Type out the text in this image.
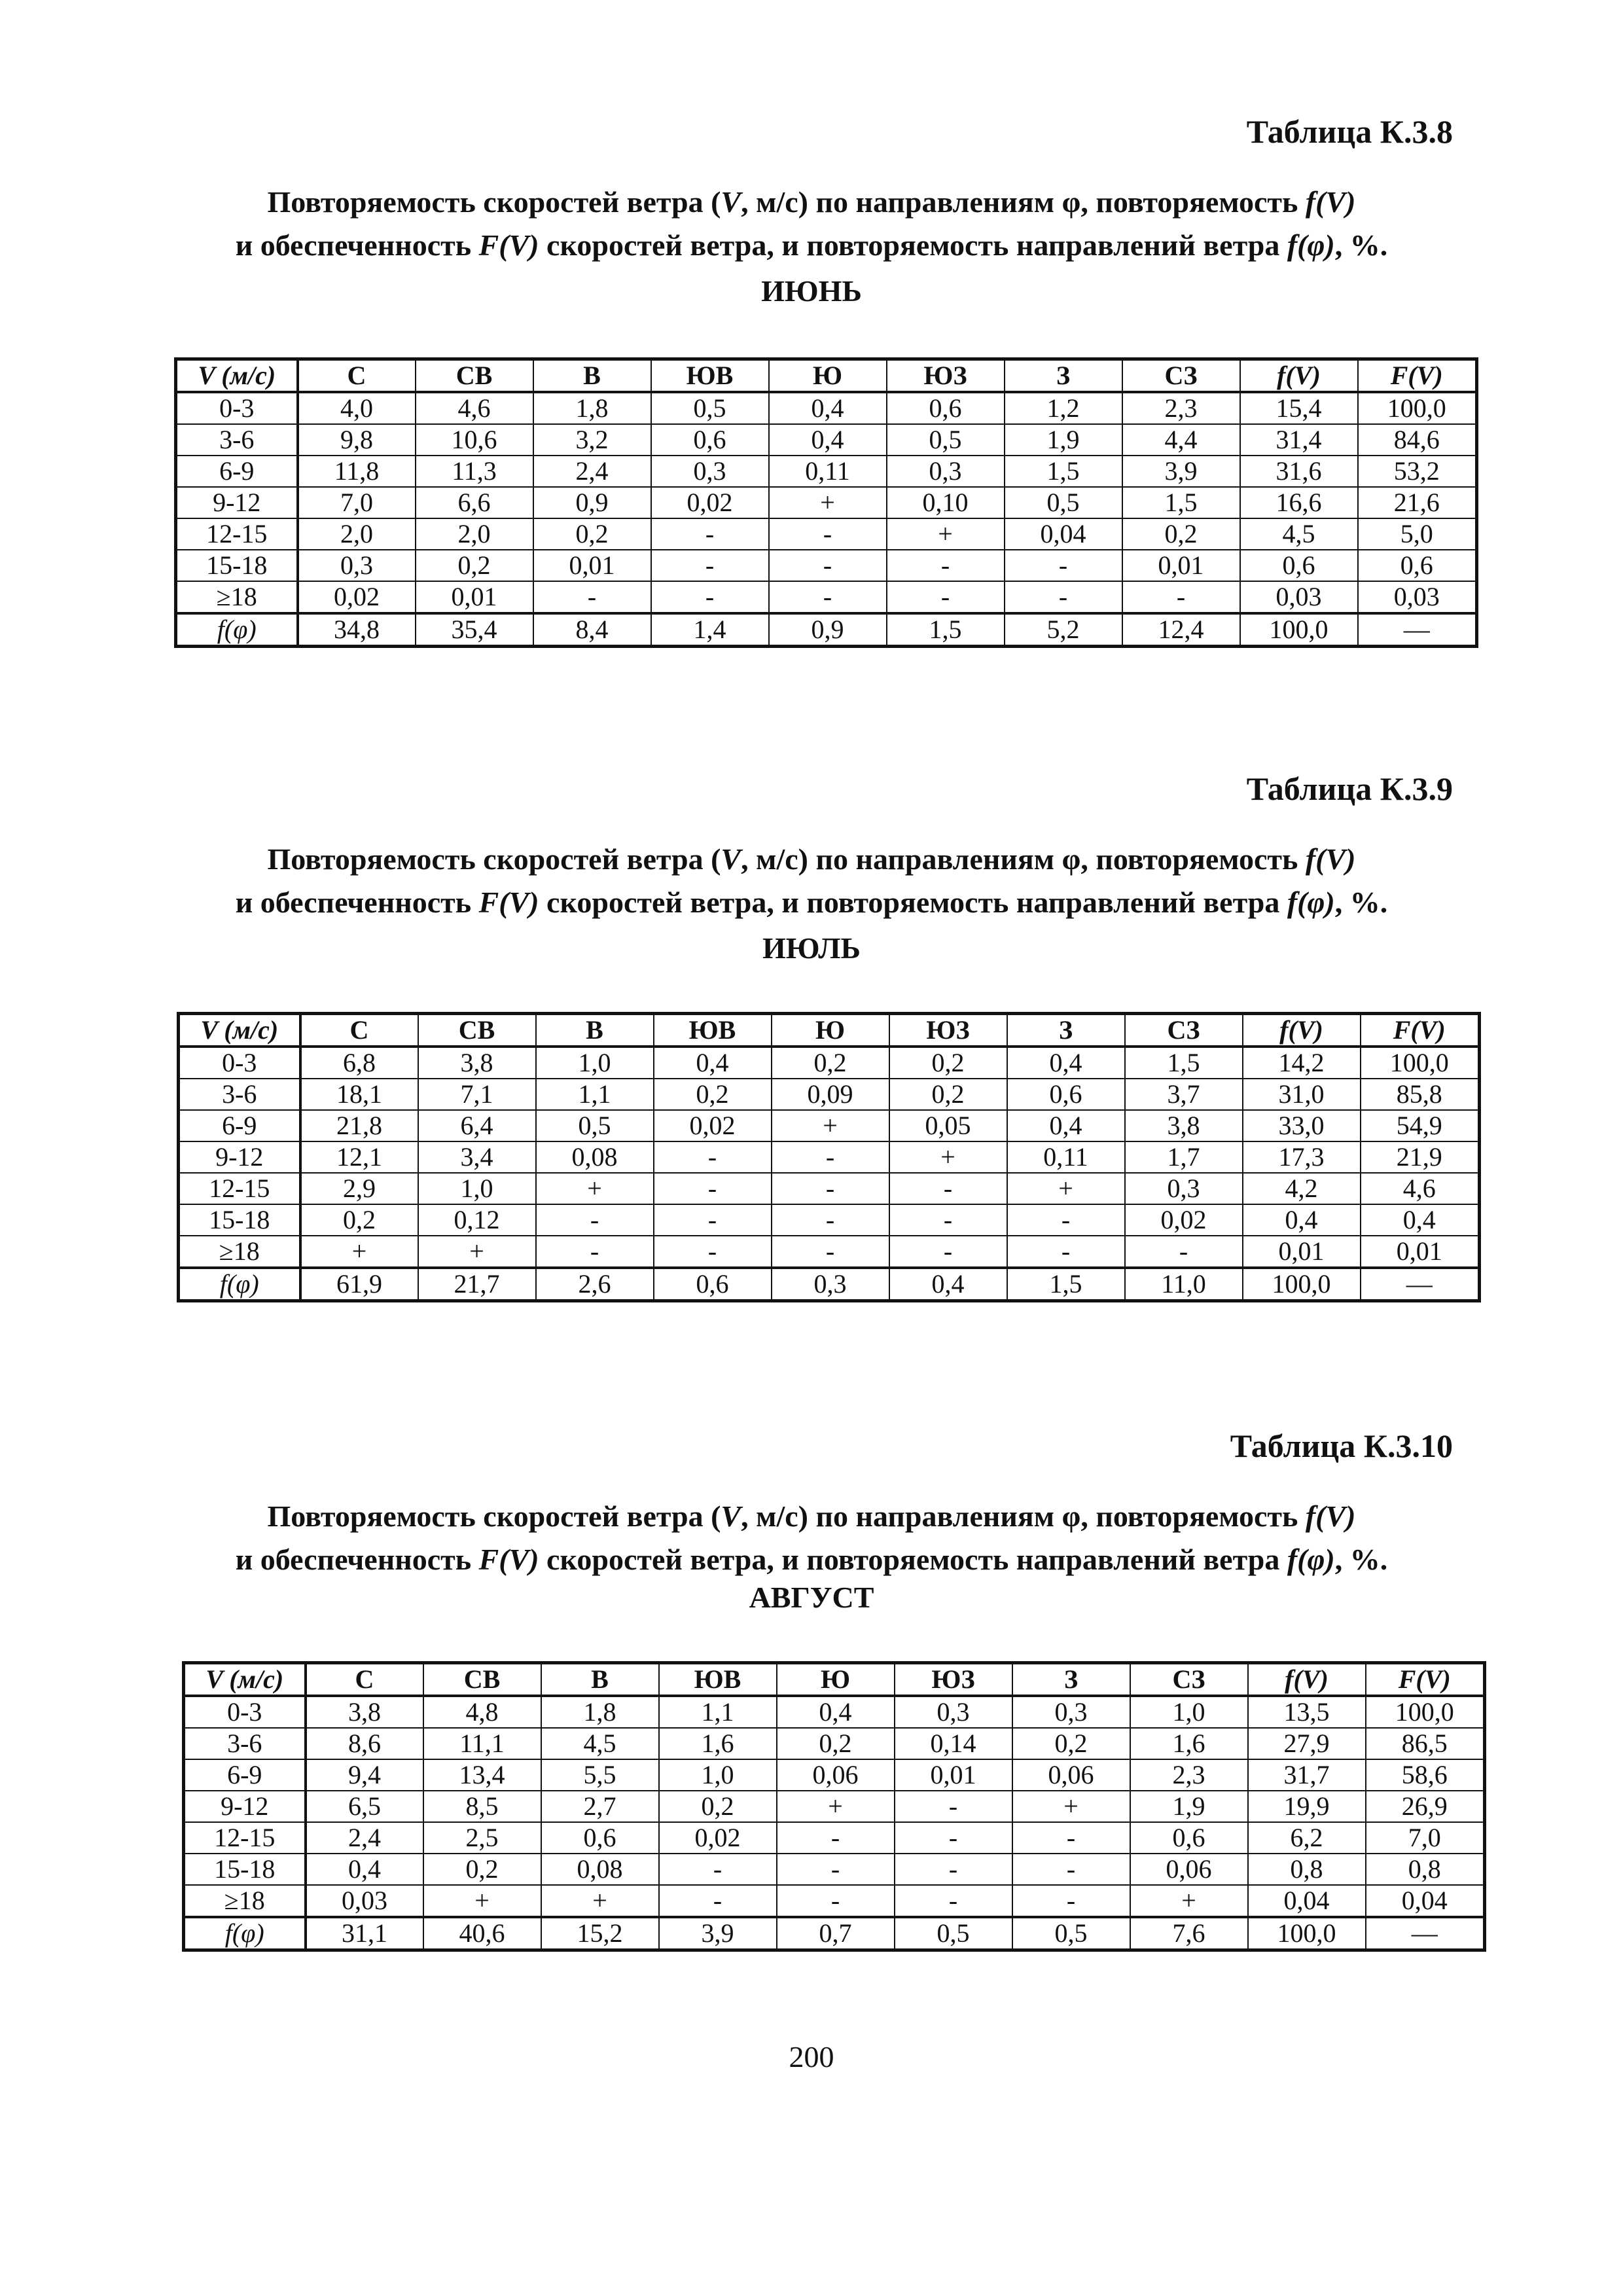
Таблица К.3.8
Повторяемость скоростей ветра (V, м/с) по направлениям φ, повторяемость f(V)
и обеспеченность F(V) скоростей ветра, и повторяемость направлений ветра f(φ), %.
ИЮНЬ
V (м/с)	С	СВ	В	ЮВ	Ю	ЮЗ	З	СЗ	f(V)	F(V)
0-3	4,0	4,6	1,8	0,5	0,4	0,6	1,2	2,3	15,4	100,0
3-6	9,8	10,6	3,2	0,6	0,4	0,5	1,9	4,4	31,4	84,6
6-9	11,8	11,3	2,4	0,3	0,11	0,3	1,5	3,9	31,6	53,2
9-12	7,0	6,6	0,9	0,02	+	0,10	0,5	1,5	16,6	21,6
12-15	2,0	2,0	0,2	-	-	+	0,04	0,2	4,5	5,0
15-18	0,3	0,2	0,01	-	-	-	-	0,01	0,6	0,6
≥18	0,02	0,01	-	-	-	-	-	-	0,03	0,03
f(φ)	34,8	35,4	8,4	1,4	0,9	1,5	5,2	12,4	100,0	—
Таблица К.3.9
Повторяемость скоростей ветра (V, м/с) по направлениям φ, повторяемость f(V)
и обеспеченность F(V) скоростей ветра, и повторяемость направлений ветра f(φ), %.
ИЮЛЬ
V (м/с)	С	СВ	В	ЮВ	Ю	ЮЗ	З	СЗ	f(V)	F(V)
0-3	6,8	3,8	1,0	0,4	0,2	0,2	0,4	1,5	14,2	100,0
3-6	18,1	7,1	1,1	0,2	0,09	0,2	0,6	3,7	31,0	85,8
6-9	21,8	6,4	0,5	0,02	+	0,05	0,4	3,8	33,0	54,9
9-12	12,1	3,4	0,08	-	-	+	0,11	1,7	17,3	21,9
12-15	2,9	1,0	+	-	-	-	+	0,3	4,2	4,6
15-18	0,2	0,12	-	-	-	-	-	0,02	0,4	0,4
≥18	+	+	-	-	-	-	-	-	0,01	0,01
f(φ)	61,9	21,7	2,6	0,6	0,3	0,4	1,5	11,0	100,0	—
Таблица К.3.10
Повторяемость скоростей ветра (V, м/с) по направлениям φ, повторяемость f(V)
и обеспеченность F(V) скоростей ветра, и повторяемость направлений ветра f(φ), %.
АВГУСТ
V (м/с)	С	СВ	В	ЮВ	Ю	ЮЗ	З	СЗ	f(V)	F(V)
0-3	3,8	4,8	1,8	1,1	0,4	0,3	0,3	1,0	13,5	100,0
3-6	8,6	11,1	4,5	1,6	0,2	0,14	0,2	1,6	27,9	86,5
6-9	9,4	13,4	5,5	1,0	0,06	0,01	0,06	2,3	31,7	58,6
9-12	6,5	8,5	2,7	0,2	+	-	+	1,9	19,9	26,9
12-15	2,4	2,5	0,6	0,02	-	-	-	0,6	6,2	7,0
15-18	0,4	0,2	0,08	-	-	-	-	0,06	0,8	0,8
≥18	0,03	+	+	-	-	-	-	+	0,04	0,04
f(φ)	31,1	40,6	15,2	3,9	0,7	0,5	0,5	7,6	100,0	—
200
